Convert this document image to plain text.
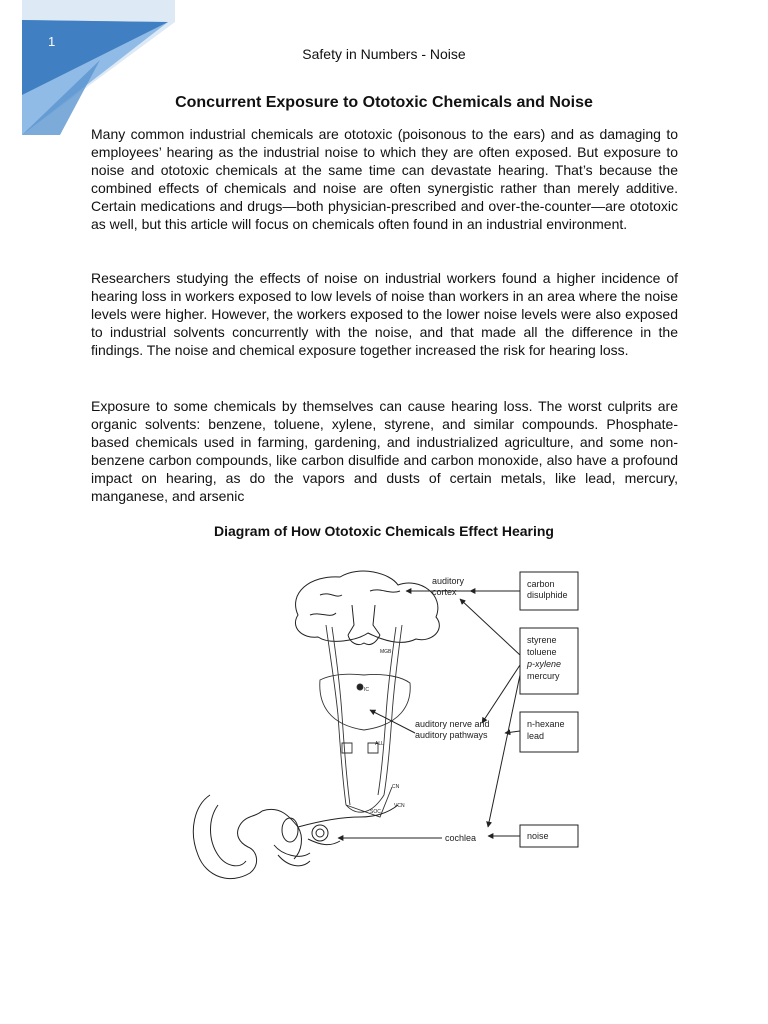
1
Safety in Numbers - Noise
Concurrent Exposure to Ototoxic Chemicals and Noise

Many common industrial chemicals are ototoxic (poisonous to the ears) and as damaging to employees’ hearing as the industrial noise to which they are often exposed. But exposure to noise and ototoxic chemicals at the same time can devastate hearing. That’s because the combined effects of chemicals and noise are often synergistic rather than merely additive. Certain medications and drugs—both physician-prescribed and over-the-counter—are ototoxic as well, but this article will focus on chemicals often found in an industrial environment.

Researchers studying the effects of noise on industrial workers found a higher incidence of hearing loss in workers exposed to low levels of noise than workers in an area where the noise levels were higher. However, the workers exposed to the lower noise levels were also exposed to industrial solvents concurrently with the noise, and that made all the difference in the findings. The noise and chemical exposure together increased the risk for hearing loss.

Exposure to some chemicals by themselves can cause hearing loss. The worst culprits are organic solvents: benzene, toluene, xylene, styrene, and similar compounds. Phosphate-based chemicals used in farming, gardening, and industrialized agriculture, and some non-benzene carbon compounds, like carbon disulfide and carbon monoxide, also have a profound impact on hearing, as do the vapors and dusts of certain metals, like lead, mercury, manganese, and arsenic

Diagram of How Ototoxic Chemicals Effect Hearing
MGB
IC
ALL
CN
SOC
VCN
auditory
cortex
auditory nerve and
auditory pathways
cochlea
carbon
disulphide
styrene
toluene
p-xylene
mercury
n-hexane
lead
noise
